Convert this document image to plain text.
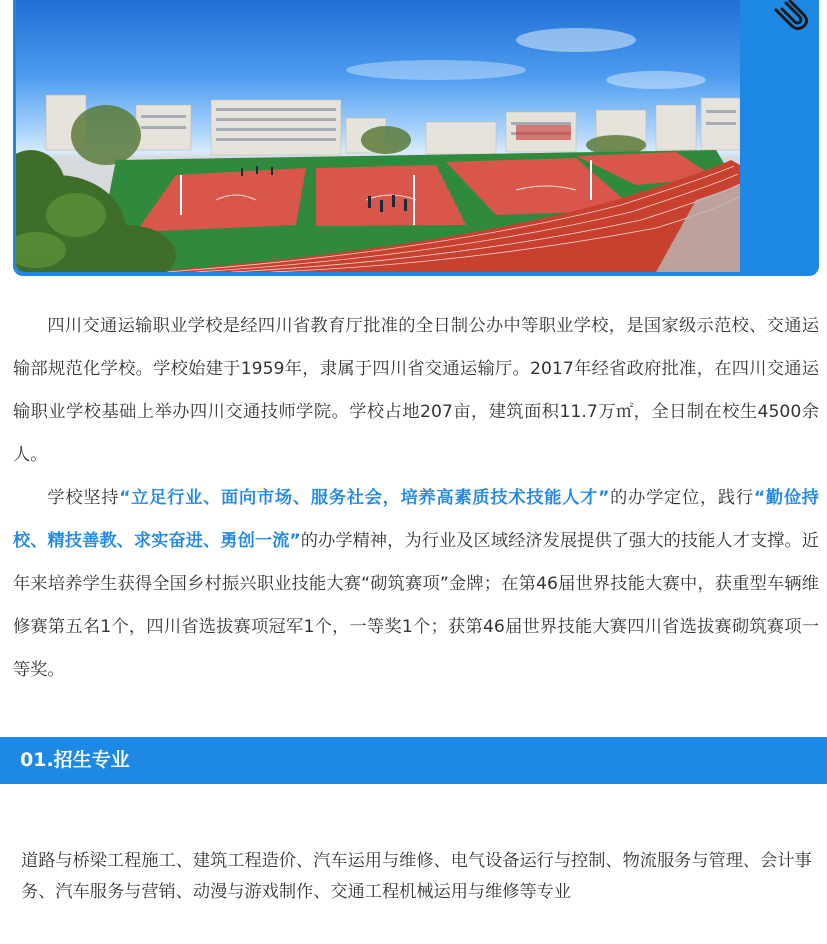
四川交通运输职业学校是经四川省教育厅批准的全日制公办中等职业学校，是国家级示范校、交通运输部规范化学校。学校始建于1959年，隶属于四川省交通运输厅。2017年经省政府批准，在四川交通运输职业学校基础上举办四川交通技师学院。学校占地207亩，建筑面积11.7万㎡，全日制在校生4500余人。

学校坚持“立足行业、面向市场、服务社会，培养高素质技术技能人才”的办学定位，践行“勤俭持校、精技善教、求实奋进、勇创一流”的办学精神，为行业及区域经济发展提供了强大的技能人才支撑。近年来培养学生获得全国乡村振兴职业技能大赛“砌筑赛项”金牌；在第46届世界技能大赛中，获重型车辆维修赛第五名1个，四川省选拔赛项冠军1个，一等奖1个；获第46届世界技能大赛四川省选拔赛砌筑赛项一等奖。

01.招生专业

道路与桥梁工程施工、建筑工程造价、汽车运用与维修、电气设备运行与控制、物流服务与管理、会计事务、汽车服务与营销、动漫与游戏制作、交通工程机械运用与维修等专业
